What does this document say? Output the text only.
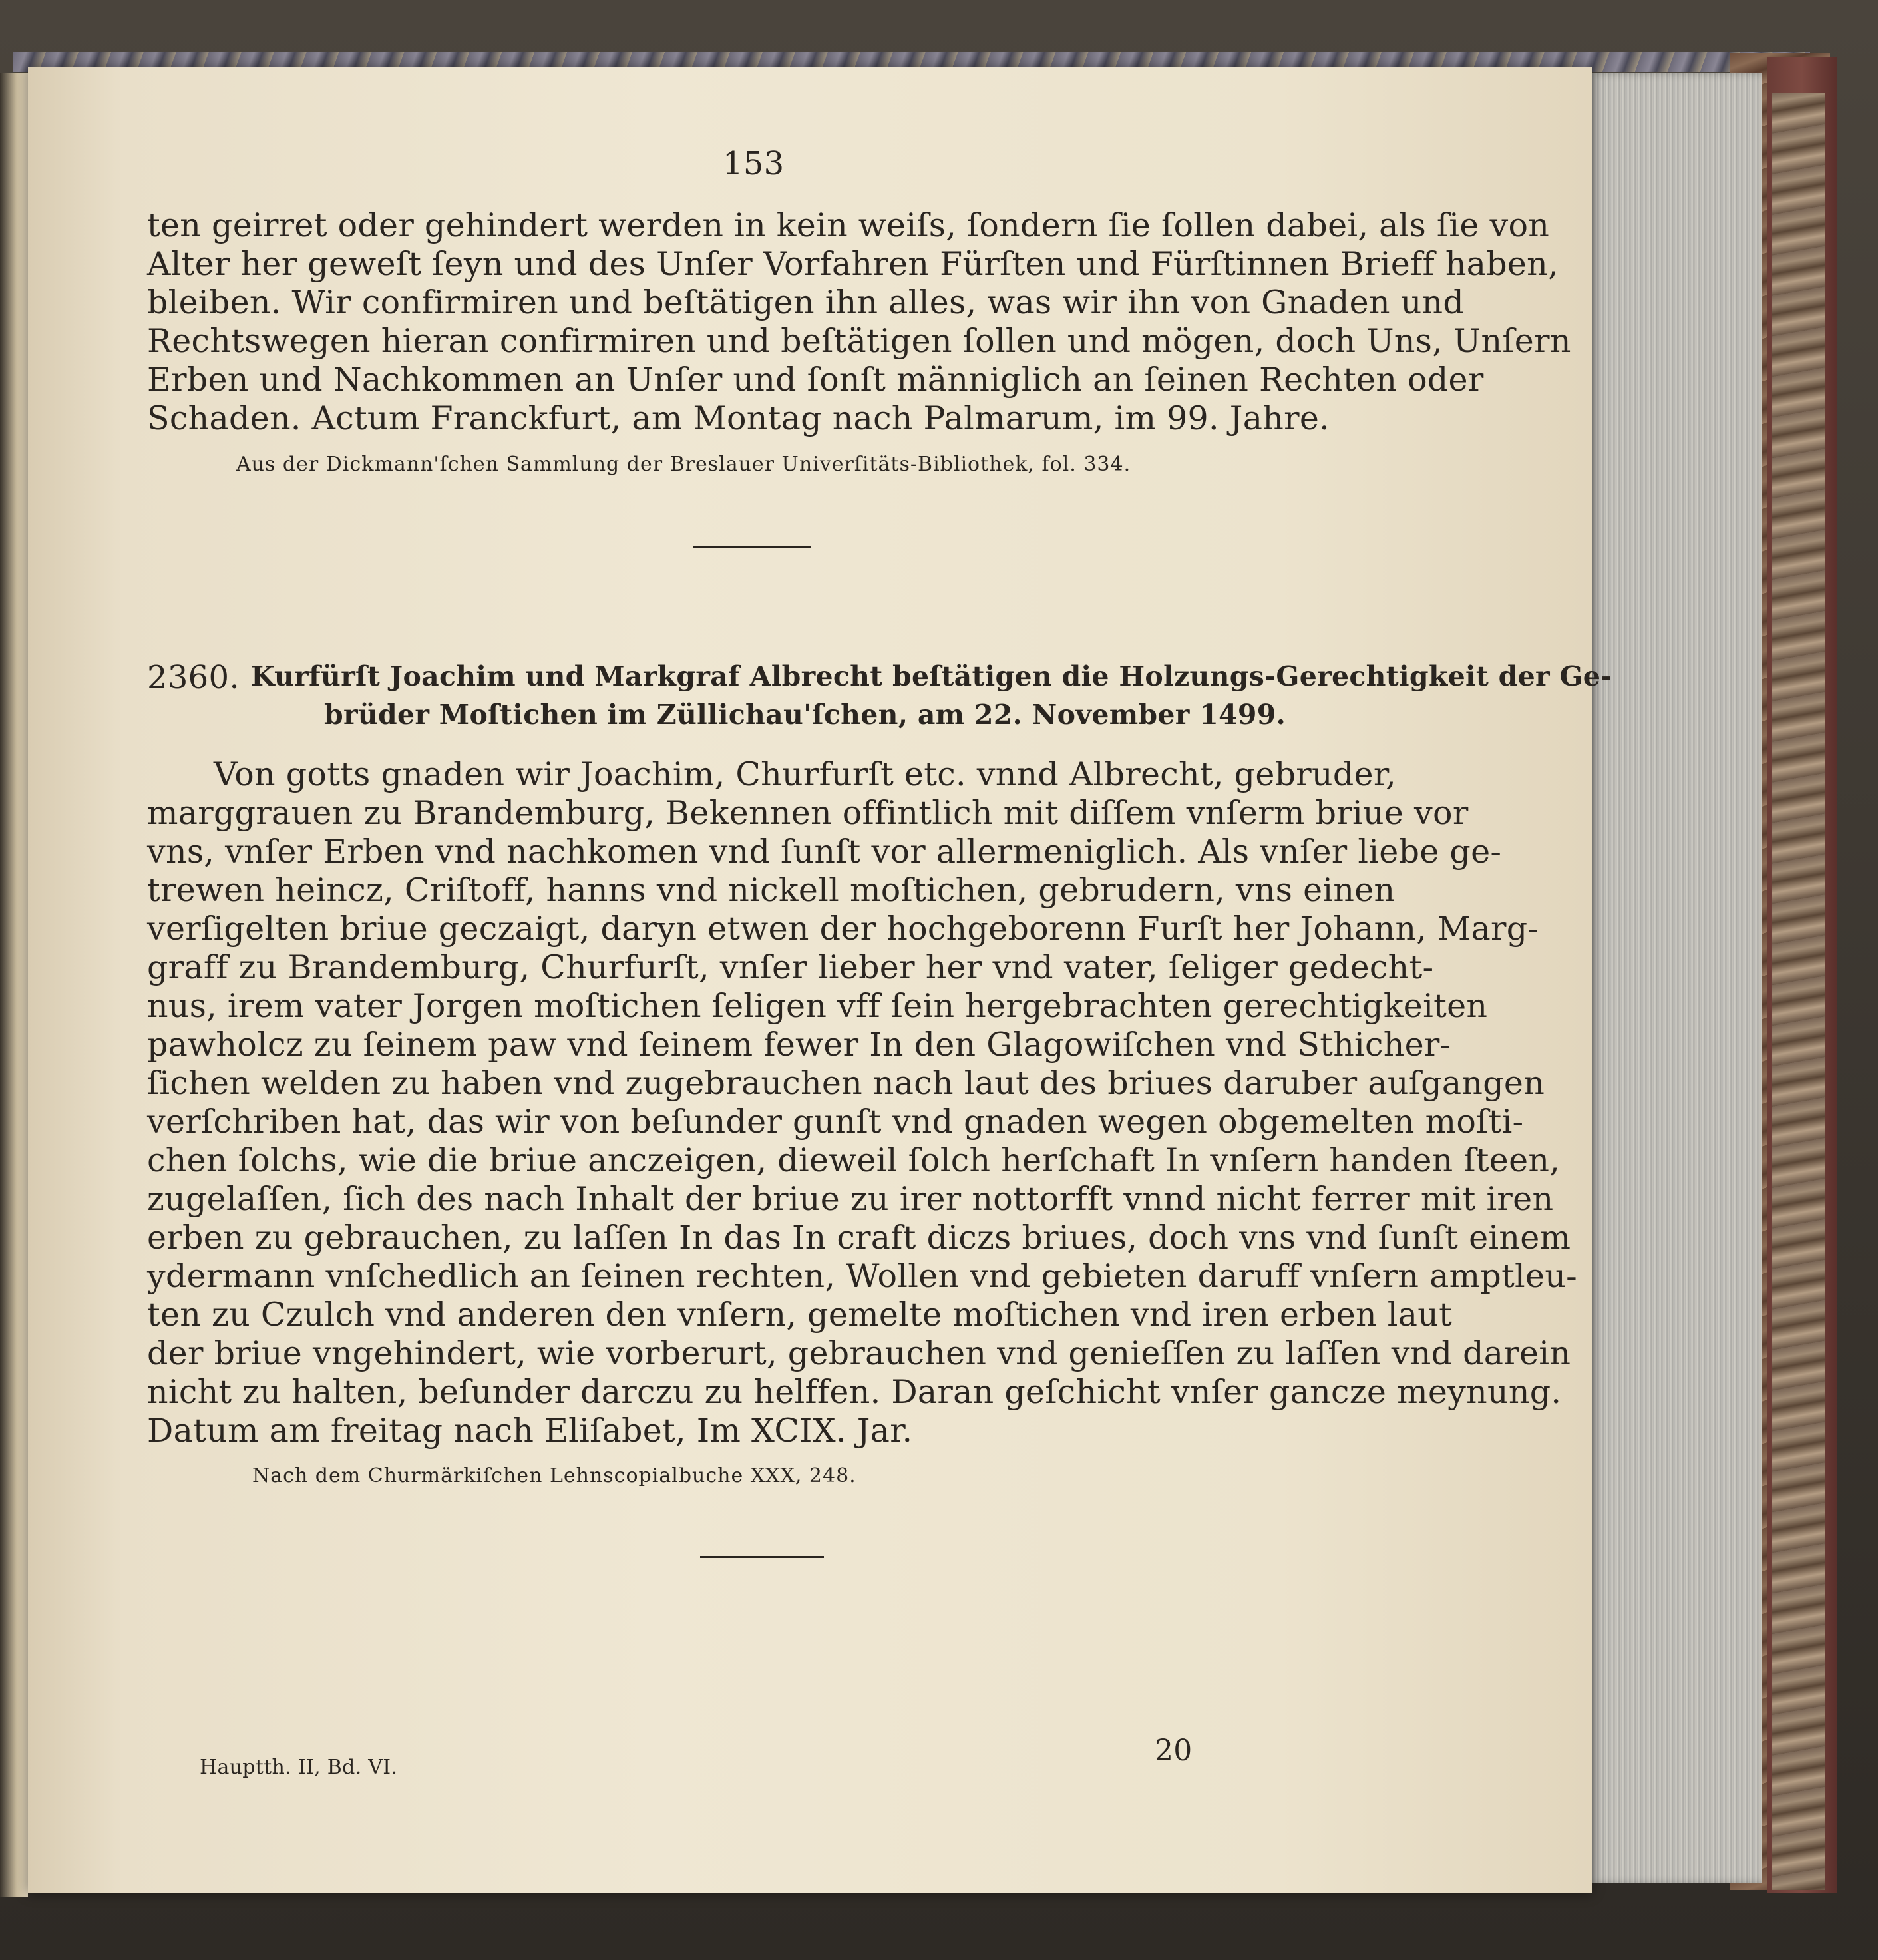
153
ten geirret oder gehindert werden in kein weiſs, ſondern ſie ſollen dabei, als ſie von
Alter her geweſt ſeyn und des Unſer Vorfahren Fürſten und Fürſtinnen Brieff haben,
bleiben. Wir confirmiren und beſtätigen ihn alles, was wir ihn von Gnaden und
Rechtswegen hieran confirmiren und beſtätigen ſollen und mögen, doch Uns, Unſern
Erben und Nachkommen an Unſer und ſonſt männiglich an ſeinen Rechten oder
Schaden. Actum Franckfurt, am Montag nach Palmarum, im 99. Jahre.
Aus der Dickmann'ſchen Sammlung der Breslauer Univerſitäts-Bibliothek, fol. 334.
2360. Kurfürſt Joachim und Markgraf Albrecht beſtätigen die Holzungs-Gerechtigkeit der Ge-
brüder Moſtichen im Züllichau'ſchen, am 22. November 1499.
Von gotts gnaden wir Joachim, Churfurſt etc. vnnd Albrecht, gebruder,
marggrauen zu Brandemburg, Bekennen offintlich mit diſſem vnſerm briue vor
vns, vnſer Erben vnd nachkomen vnd ſunſt vor allermeniglich. Als vnſer liebe ge-
trewen heincz, Criſtoff, hanns vnd nickell moſtichen, gebrudern, vns einen
verſigelten briue geczaigt, daryn etwen der hochgeborenn Furſt her Johann, Marg-
graff zu Brandemburg, Churfurſt, vnſer lieber her vnd vater, ſeliger gedecht-
nus, irem vater Jorgen moſtichen ſeligen vff ſein hergebrachten gerechtigkeiten
pawholcz zu ſeinem paw vnd ſeinem fewer In den Glagowiſchen vnd Sthicher-
ſichen welden zu haben vnd zugebrauchen nach laut des briues daruber auſgangen
verſchriben hat, das wir von beſunder gunſt vnd gnaden wegen obgemelten moſti-
chen ſolchs, wie die briue anczeigen, dieweil ſolch herſchaft In vnſern handen ſteen,
zugelaſſen, ſich des nach Inhalt der briue zu irer nottorfft vnnd nicht ferrer mit iren
erben zu gebrauchen, zu laſſen In das In craft diczs briues, doch vns vnd ſunſt einem
ydermann vnſchedlich an ſeinen rechten, Wollen vnd gebieten daruff vnſern amptleu-
ten zu Czulch vnd anderen den vnſern, gemelte moſtichen vnd iren erben laut
der briue vngehindert, wie vorberurt, gebrauchen vnd genieſſen zu laſſen vnd darein
nicht zu halten, beſunder darczu zu helffen. Daran geſchicht vnſer gancze meynung.
Datum am freitag nach Eliſabet, Im XCIX. Jar.
Nach dem Churmärkiſchen Lehnscopialbuche XXX, 248.
Hauptth. II, Bd. VI.	20
